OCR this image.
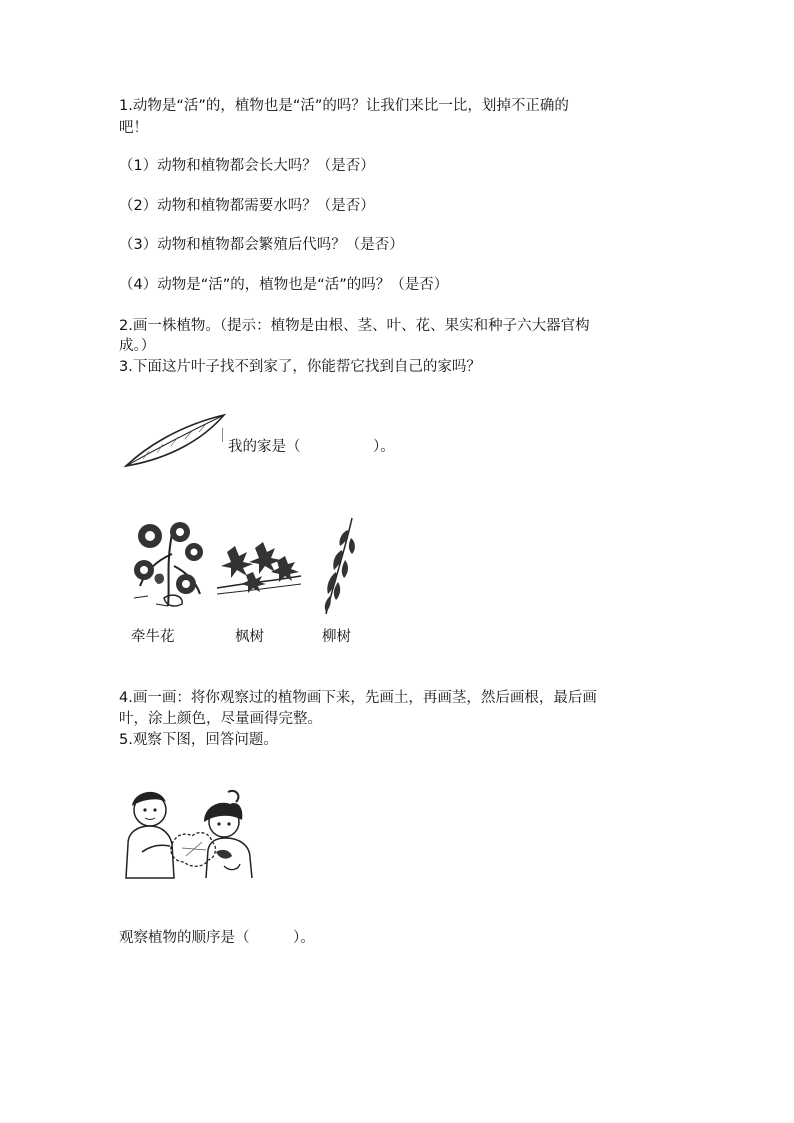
1.动物是“活”的，植物也是“活”的吗？让我们来比一比，划掉不正确的
吧！
（1）动物和植物都会长大吗？（是否）
（2）动物和植物都需要水吗？（是否）
（3）动物和植物都会繁殖后代吗？（是否）
（4）动物是“活”的，植物也是“活”的吗？（是否）
2.画一株植物。（提示：植物是由根、茎、叶、花、果实和种子六大器官构
成。）
3.下面这片叶子找不到家了，你能帮它找到自己的家吗？
我的家是（　　　　　）。
牵牛花	枫树	柳树
4.画一画：将你观察过的植物画下来，先画土，再画茎，然后画根，最后画
叶，涂上颜色，尽量画得完整。
5.观察下图，回答问题。
观察植物的顺序是（　　　）。
